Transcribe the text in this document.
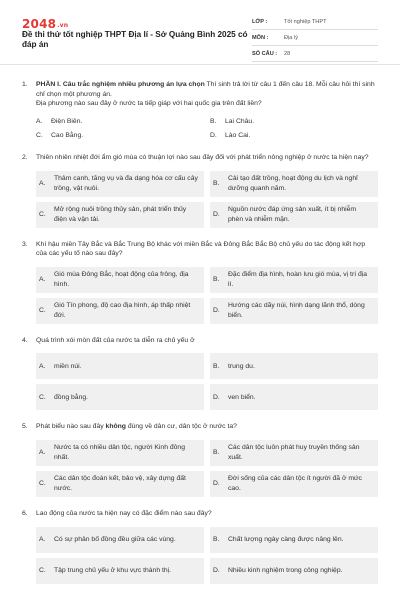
2048.vn
Đề thi thử tốt nghiệp THPT Địa lí - Sở Quảng Bình 2025 có đáp án
LỚP :	Tốt nghiệp THPT
MÔN :	Địa lý
SỐ CÂU :	28
1.	PHẦN I. Câu trắc nghiệm nhiều phương án lựa chọn Thí sinh trả lời từ câu 1 đến câu 18. Mỗi câu hỏi thí sinh chỉ chọn một phương án.
Địa phương nào sau đây ở nước ta tiếp giáp với hai quốc gia trên đất liền?
A.	Điện Biên.	B.	Lai Châu.
C.	Cao Bằng.	D.	Lào Cai.
2.	Thiên nhiên nhiệt đới ẩm gió mùa có thuận lợi nào sau đây đối với phát triển nông nghiệp ở nước ta hiện nay?
A.
Thâm canh, tăng vụ và đa dạng hóa cơ cấu cây trồng, vật nuôi.
B.
Cải tạo đất trồng, hoạt động du lịch và nghỉ dưỡng quanh năm.
C.
Mở rộng nuôi trồng thủy sản, phát triển thủy điện và vận tải.
D.
Nguồn nước đáp ứng sản xuất, ít bị nhiễm phèn và nhiễm mặn.
3.	Khí hậu miền Tây Bắc và Bắc Trung Bộ khác với miền Bắc và Đông Bắc Bắc Bộ chủ yếu do tác động kết hợp của các yếu tố nào sau đây?
A.
Gió mùa Đông Bắc, hoạt động của frông, địa hình.
B.
Đặc điểm địa hình, hoàn lưu gió mùa, vị trí địa lí.
C.
Gió Tín phong, độ cao địa hình, áp thấp nhiệt đới.
D.
Hướng các dãy núi, hình dạng lãnh thổ, dòng biển.
4.	Quá trình xói mòn đất của nước ta diễn ra chủ yếu ở
A.	miền núi.	B.	trung du.
C.	đồng bằng.	D.	ven biển.
5.	Phát biểu nào sau đây không đúng về dân cư, dân tộc ở nước ta?
A.
Nước ta có nhiều dân tộc, người Kinh đông nhất.
B.
Các dân tộc luôn phát huy truyền thống sản xuất.
C.
Các dân tộc đoàn kết, bảo vệ, xây dựng đất nước.
D.
Đời sống của các dân tộc ít người đã ở mức cao.
6.	Lao động của nước ta hiện nay có đặc điểm nào sau đây?
A.	Có sự phân bố đồng đều giữa các vùng.	B.	Chất lượng ngày càng được nâng lên.
C.	Tập trung chủ yếu ở khu vực thành thị.	D.	Nhiều kinh nghiệm trong công nghiệp.
